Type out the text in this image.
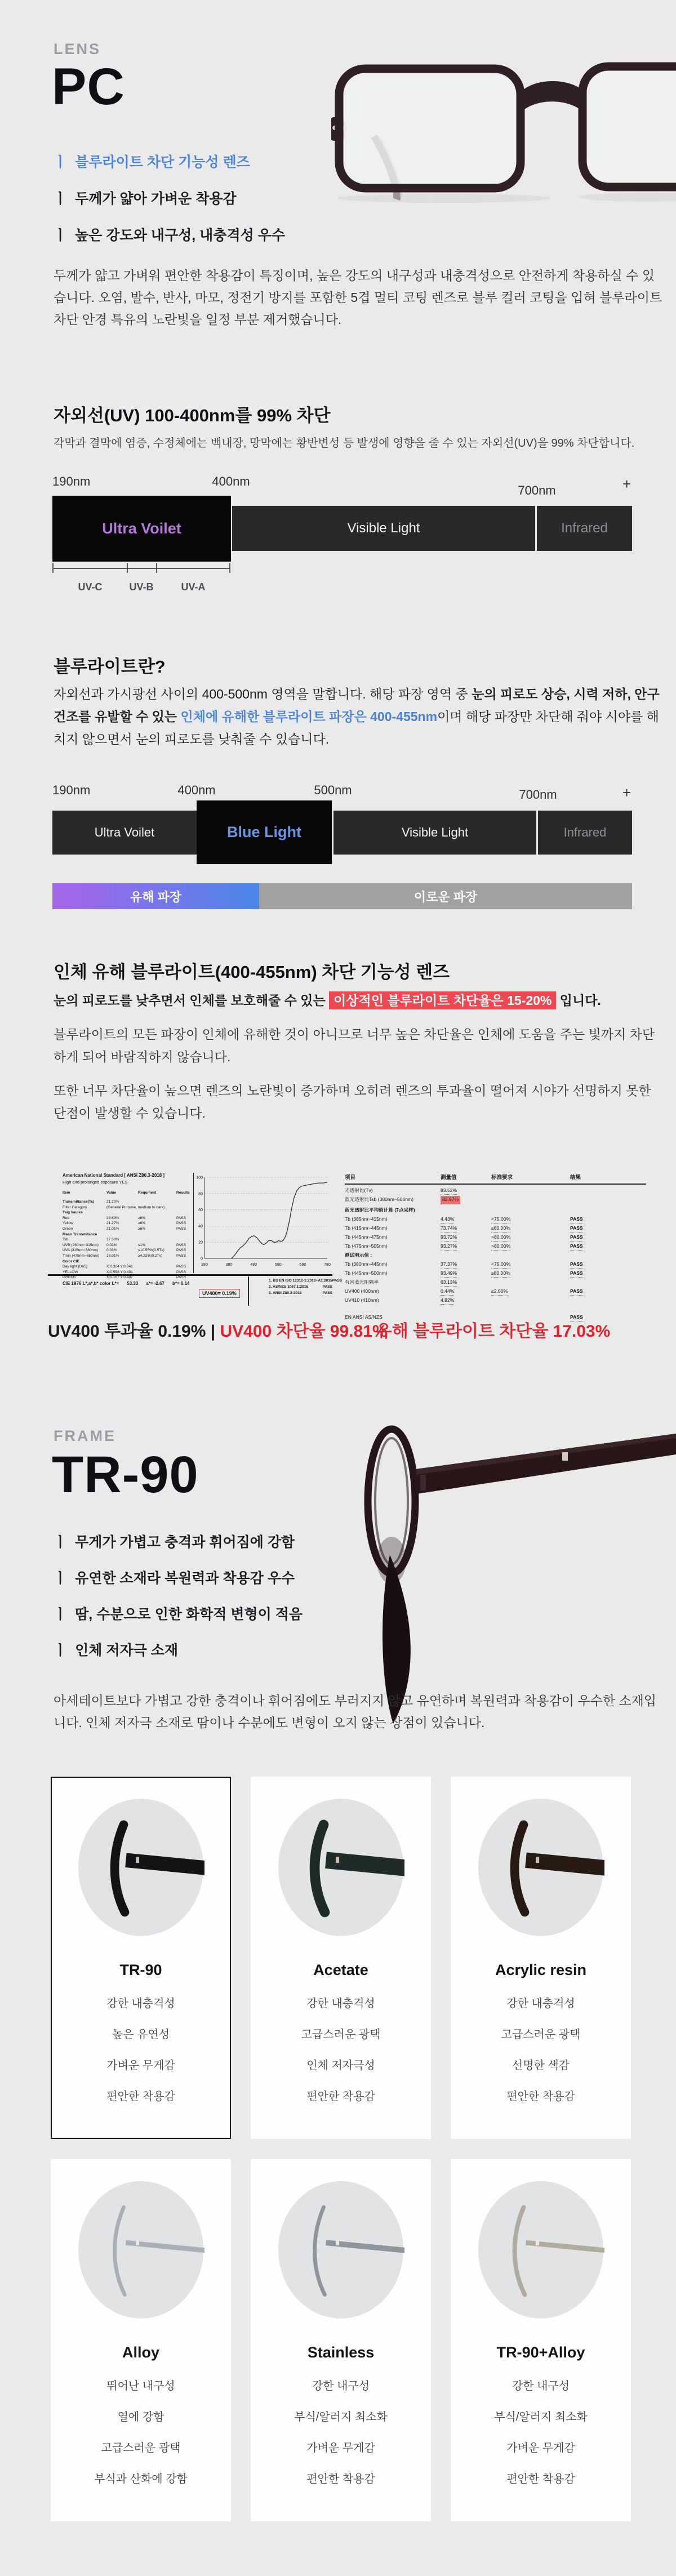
LENS
PC
ㅣ 블루라이트 차단 기능성 렌즈
ㅣ 두께가 얇아 가벼운 착용감
ㅣ 높은 강도와 내구성, 내충격성 우수
두께가 얇고 가벼워 편안한 착용감이 특징이며, 높은 강도의 내구성과 내충격성으로 안전하게 착용하실 수 있습니다. 오염, 발수, 반사, 마모, 정전기 방지를 포함한 5겹 멀티 코팅 렌즈로 블루 컬러 코팅을 입혀 블루라이트 차단 안경 특유의 노란빛을 일정 부분 제거했습니다.
자외선(UV) 100-400nm를 99% 차단
각막과 결막에 염증, 수정체에는 백내장, 망막에는 황반변성 등 발생에 영향을 줄 수 있는 자외선(UV)을 99% 차단합니다.
190nm	400nm
700nm	+
Ultra Voilet	Visible Light	Infrared
UV-C	UV-B	UV-A
블루라이트란?
자외선과 가시광선 사이의 400-500nm 영역을 말합니다. 해당 파장 영역 중 눈의 피로도 상승, 시력 저하, 안구건조를 유발할 수 있는 인체에 유해한 블루라이트 파장은 400-455nm이며 해당 파장만 차단해 줘야 시야를 해치지 않으면서 눈의 피로도를 낮춰줄 수 있습니다.
190nm	400nm	500nm	700nm	+
Ultra Voilet	Blue Light	Visible Light	Infrared
유해 파장	이로운 파장
인체 유해 블루라이트(400-455nm) 차단 기능성 렌즈
눈의 피로도를 낮추면서 인체를 보호해줄 수 있는 이상적인 블루라이트 차단율은 15-20% 입니다.
블루라이트의 모든 파장이 인체에 유해한 것이 아니므로 너무 높은 차단율은 인체에 도움을 주는 빛까지 차단하게 되어 바람직하지 않습니다.
또한 너무 차단율이 높으면 렌즈의 노란빛이 증가하며 오히려 렌즈의 투과율이 떨어져 시야가 선명하지 못한 단점이 발생할 수 있습니다.
American National Standard [ ANSI Z80.3-2018 ]
High and prolonged exposure YES
Item	Value	Requment	Results
Transmittance(Tc)	21.10%
Filter Category	(General Purpose, medium to dark)
Tsig Vaules
Red	28.63%	≥8%	PASS
Yellow	21.27%	≥6%	PASS
Green	21.01%	≥6%	PASS
Mean Transmitance
Tsb	17.58%
UVB (280nm~315nm)	0.03%	≤1%	PASS
UVA (315nm~380nm)	0.03%	≤10.55%(0.5Tv)	PASS
Tmin (475nm~650nm)	16.01%	≥4.22%(0.2Tv)	PASS
Color CIE
Day light (D65)	X:0.324 Y:0.341	PASS
YELLOW	X:0.598 Y:0.401	PASS
GREEN	X:0.197 Y:0.407	PASS
0
20
40
60
80
100
280	380	480	580	680	780
CIE 1976 L*,a*,b* color L*= 53.33 a*= -2.67 b*= 6.14
UV400= 0.19%
1. BS EN ISO 12312-1:2013+A1:2015 PASS
2. AS/NZS 1067.1:2016	PASS
3. ANSI Z80.3-2018	PASS
项目	测量值	标准要求	结果
光透射比(Tv)	93.52%
蓝光透射比Tsb (380nm~500nm)	82.97%
蓝光透射比平均值计算 (7点采样)
Tb (385nm~415nm)	4.43%	<75.00%	PASS
Tb (415nm~445nm)	73.74%	≤80.00%	PASS
Tb (445nm~475nm)	93.72%	>80.00%	PASS
Tb (475nm~505nm)	93.27%	>80.00%	PASS
测试明示值 :
Tb (380nm~445nm)	37.37%	<75.00%	PASS
Tb (445nm~500nm)	93.49%	≥80.00%	PASS
有害蓝光阻隔率	63.13%
UV400 (400nm)	0.44%	≤2.00%	PASS
UV410 (410nm)	4.82%
EN ANSI AS/NZS	PASS
UV400 투과율 0.19% | UV400 차단율 99.81%
유해 블루라이트 차단율 17.03%
FRAME
TR-90
ㅣ 무게가 가볍고 충격과 휘어짐에 강함
ㅣ 유연한 소재라 복원력과 착용감 우수
ㅣ 땀, 수분으로 인한 화학적 변형이 적음
ㅣ 인체 저자극 소재
아세테이트보다 가볍고 강한 충격이나 휘어짐에도 부러지지 않고 유연하며 복원력과 착용감이 우수한 소재입니다. 인체 저자극 소재로 땀이나 수분에도 변형이 오지 않는 장점이 있습니다.
TR-90
강한 내충격성
높은 유연성
가벼운 무게감
편안한 착용감
Acetate
강한 내충격성
고급스러운 광택
인체 저자극성
편안한 착용감
Acrylic resin
강한 내충격성
고급스러운 광택
선명한 색감
편안한 착용감
Alloy
뛰어난 내구성
열에 강함
고급스러운 광택
부식과 산화에 강함
Stainless
강한 내구성
부식/알러지 최소화
가벼운 무게감
편안한 착용감
TR-90+Alloy
강한 내구성
부식/알러지 최소화
가벼운 무게감
편안한 착용감
